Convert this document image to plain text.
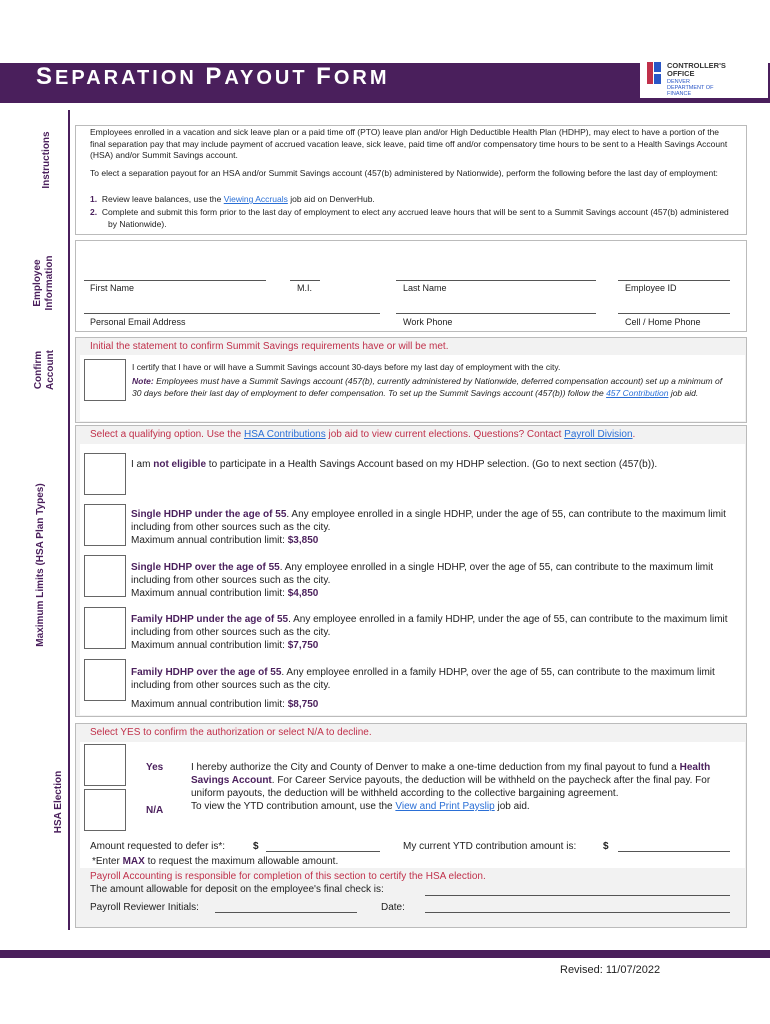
SEPARATION PAYOUT FORM
CONTROLLER'S
OFFICE
DENVER DEPARTMENT OF FINANCE
Instructions
Employee Information
Confirm Account
Maximum Limits (HSA Plan Types)
HSA Election
Employees enrolled in a vacation and sick leave plan or a paid time off (PTO) leave plan and/or High Deductible Health Plan (HDHP), may elect to have a portion of the final separation pay that may include payment of accrued vacation leave, sick leave, paid time off and/or compensatory time hours to be sent to a Health Savings Account (HSA) and/or Summit Savings account.
To elect a separation payout for an HSA and/or Summit Savings account (457(b) administered by Nationwide), perform the following before the last day of employment:
1. Review leave balances, use the Viewing Accruals job aid on DenverHub.
2. Complete and submit this form prior to the last day of employment to elect any accrued leave hours that will be sent to a Summit Savings account (457(b) administered by Nationwide).
First Name	M.I.	Last Name	Employee ID
Personal Email Address	Work Phone	Cell / Home Phone
Initial the statement to confirm Summit Savings requirements have or will be met.
I certify that I have or will have a Summit Savings account 30-days before my last day of employment with the city.
Note: Employees must have a Summit Savings account (457(b), currently administered by Nationwide, deferred compensation account) set up a minimum of 30 days before their last day of employment to defer compensation. To set up the Summit Savings account (457(b)) follow the 457 Contribution job aid.
Select a qualifying option. Use the HSA Contributions job aid to view current elections. Questions? Contact Payroll Division.
I am not eligible to participate in a Health Savings Account based on my HDHP selection. (Go to next section (457(b)).
Single HDHP under the age of 55. Any employee enrolled in a single HDHP, under the age of 55, can contribute to the maximum limit including from other sources such as the city.
Maximum annual contribution limit: $3,850
Single HDHP over the age of 55. Any employee enrolled in a single HDHP, over the age of 55, can contribute to the maximum limit including from other sources such as the city.
Maximum annual contribution limit: $4,850
Family HDHP under the age of 55. Any employee enrolled in a family HDHP, under the age of 55, can contribute to the maximum limit including from other sources such as the city.
Maximum annual contribution limit: $7,750
Family HDHP over the age of 55. Any employee enrolled in a family HDHP, over the age of 55, can contribute to the maximum limit including from other sources such as the city.
Maximum annual contribution limit: $8,750
Select YES to confirm the authorization or select N/A to decline.
Yes
N/A
I hereby authorize the City and County of Denver to make a one-time deduction from my final payout to fund a Health Savings Account. For Career Service payouts, the deduction will be withheld on the paycheck after the final pay. For uniform payouts, the deduction will be withheld according to the collective bargaining agreement.
To view the YTD contribution amount, use the View and Print Payslip job aid.
Amount requested to defer is*:	$	My current YTD contribution amount is:	$
*Enter MAX to request the maximum allowable amount.
Payroll Accounting is responsible for completion of this section to certify the HSA election.
The amount allowable for deposit on the employee's final check is:
Payroll Reviewer Initials:	Date:
Revised: 11/07/2022
